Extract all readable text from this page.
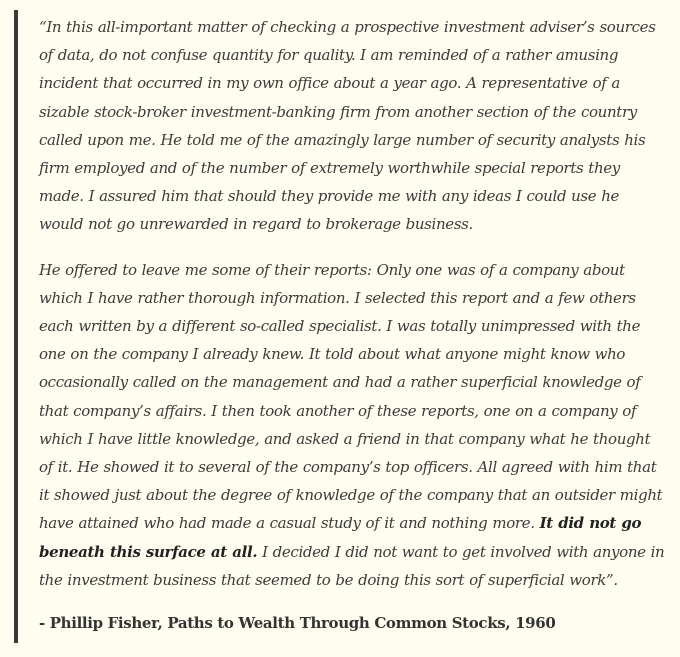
“In this all-important matter of checking a prospective investment adviser’s sources of data, do not confuse quantity for quality. I am reminded of a rather amusing incident that occurred in my own office about a year ago. A representative of a sizable stock-broker investment-banking firm from another section of the country called upon me. He told me of the amazingly large number of security analysts his firm employed and of the number of extremely worthwhile special reports they made. I assured him that should they provide me with any ideas I could use he would not go unrewarded in regard to brokerage business.

He offered to leave me some of their reports: Only one was of a company about which I have rather thorough information. I selected this report and a few others each written by a different so-called specialist. I was totally unimpressed with the one on the company I already knew. It told about what anyone might know who occasionally called on the management and had a rather superficial knowledge of that company’s affairs. I then took another of these reports, one on a company of which I have little knowledge, and asked a friend in that company what he thought of it. He showed it to several of the company’s top officers. All agreed with him that it showed just about the degree of knowledge of the company that an outsider might have attained who had made a casual study of it and nothing more. It did not go beneath this surface at all. I decided I did not want to get involved with anyone in the investment business that seemed to be doing this sort of superficial work”.

- Phillip Fisher, Paths to Wealth Through Common Stocks, 1960
